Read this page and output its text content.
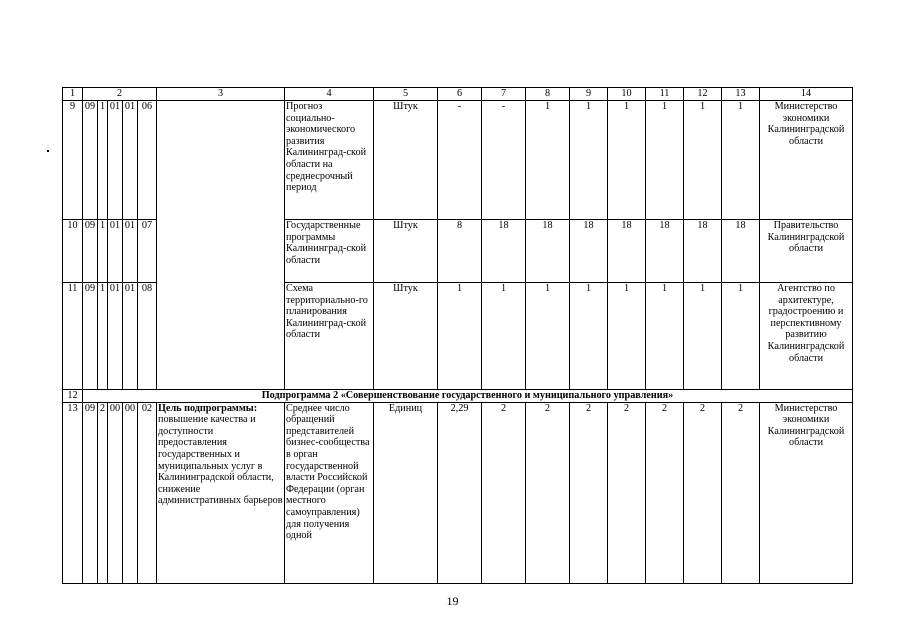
1	2					3	4	5	6	7	8	9	10	11	12	13	14
9	09	1	01	01	06		Прогноз социально-экономического развития Калининград-ской области на среднесрочный период	Штук	-	-	1	1	1	1	1	1	Министерство экономики Калининградской области
10	09	1	01	01	07		Государственные программы Калининград-ской области	Штук	8	18	18	18	18	18	18	18	Правительство Калининградской области
11	09	1	01	01	08		Схема территориально-го планирования Калининград-ской области	Штук	1	1	1	1	1	1	1	1	Агентство по архитектуре, градостроению и перспективному развитию Калининградской области
12	Подпрограмма 2 «Совершенствование государственного и муниципального управления»																
13	09	2	00	00	02	Цель подпрограммы: повышение качества и доступности предоставления государственных и муниципальных услуг в Калининградской области, снижение административных барьеров	Среднее число обращений представителей бизнес-сообщества в орган государственной власти Российской Федерации (орган местного самоуправления) для получения одной	Единиц	2,29	2	2	2	2	2	2	2	Министерство экономики Калининградской области
19
